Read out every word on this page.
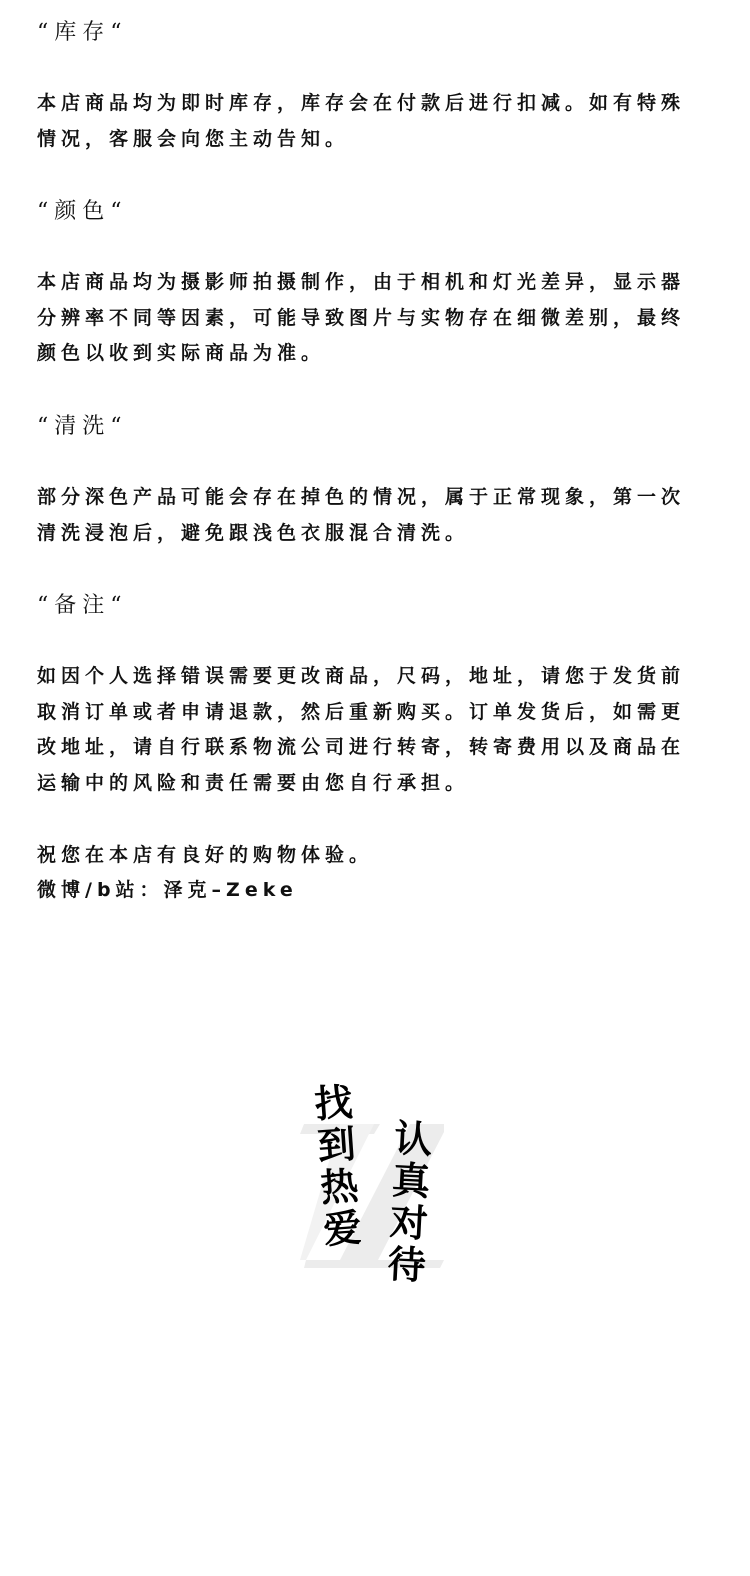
“库存“
本店商品均为即时库存，库存会在付款后进行扣减。如有特殊
情况，客服会向您主动告知。
“颜色“
本店商品均为摄影师拍摄制作，由于相机和灯光差异，显示器
分辨率不同等因素，可能导致图片与实物存在细微差别，最终
颜色以收到实际商品为准。
“清洗“
部分深色产品可能会存在掉色的情况，属于正常现象，第一次
清洗浸泡后，避免跟浅色衣服混合清洗。
“备注“
如因个人选择错误需要更改商品，尺码，地址，请您于发货前
取消订单或者申请退款，然后重新购买。订单发货后，如需更
改地址，请自行联系物流公司进行转寄，转寄费用以及商品在
运输中的风险和责任需要由您自行承担。
祝您在本店有良好的购物体验。
微博/b站：泽克–Zeke
找到热爱
认真对待
